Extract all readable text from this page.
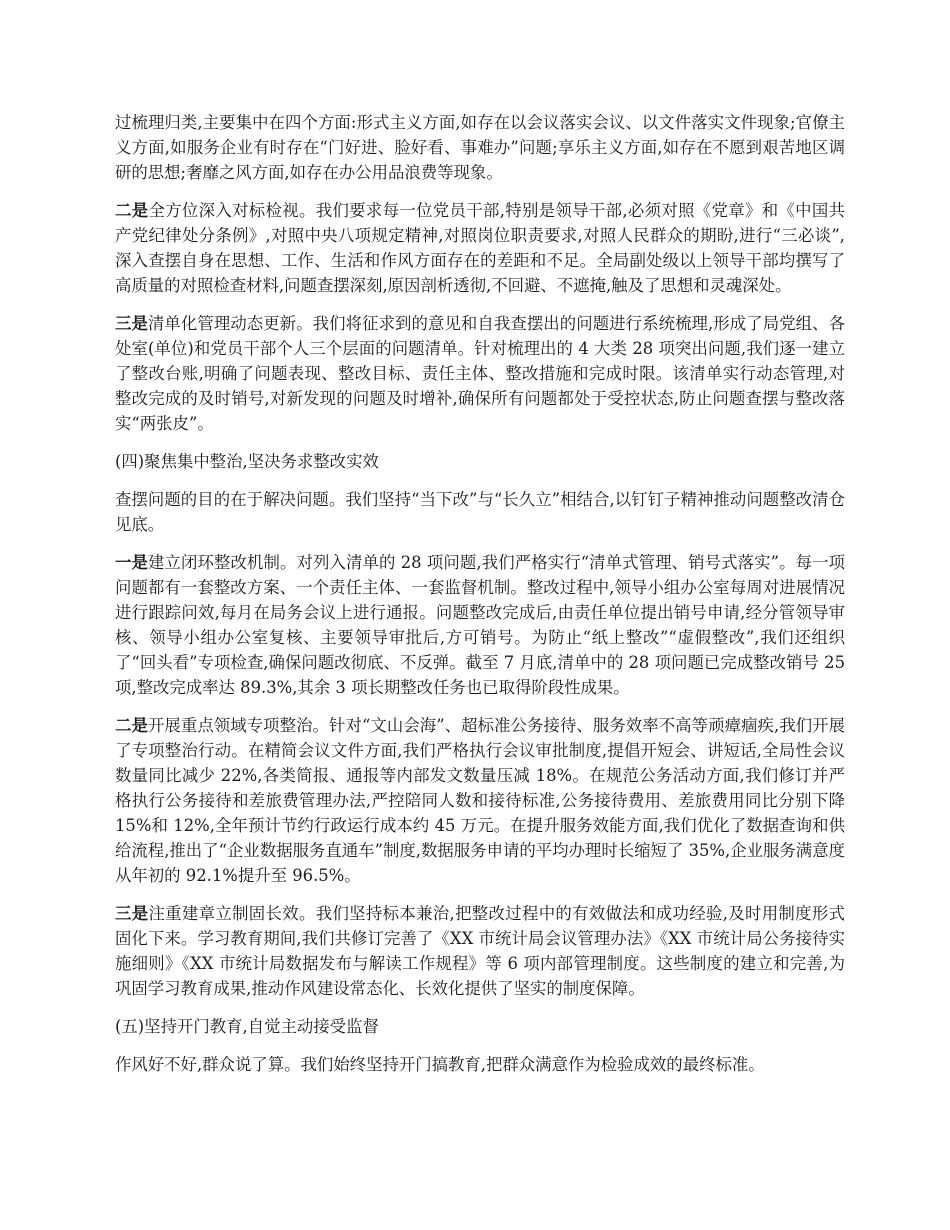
过梳理归类,主要集中在四个方面:形式主义方面,如存在以会议落实会议、以文件落实文件现象;官僚主义方面,如服务企业有时存在“门好进、脸好看、事难办”问题;享乐主义方面,如存在不愿到艰苦地区调研的思想;奢靡之风方面,如存在办公用品浪费等现象。

二是全方位深入对标检视。我们要求每一位党员干部,特别是领导干部,必须对照《党章》和《中国共产党纪律处分条例》,对照中央八项规定精神,对照岗位职责要求,对照人民群众的期盼,进行“三必谈”,深入查摆自身在思想、工作、生活和作风方面存在的差距和不足。全局副处级以上领导干部均撰写了高质量的对照检查材料,问题查摆深刻,原因剖析透彻,不回避、不遮掩,触及了思想和灵魂深处。

三是清单化管理动态更新。我们将征求到的意见和自我查摆出的问题进行系统梳理,形成了局党组、各处室(单位)和党员干部个人三个层面的问题清单。针对梳理出的 4 大类 28 项突出问题,我们逐一建立了整改台账,明确了问题表现、整改目标、责任主体、整改措施和完成时限。该清单实行动态管理,对整改完成的及时销号,对新发现的问题及时增补,确保所有问题都处于受控状态,防止问题查摆与整改落实“两张皮”。

(四)聚焦集中整治,坚决务求整改实效

查摆问题的目的在于解决问题。我们坚持“当下改”与“长久立”相结合,以钉钉子精神推动问题整改清仓见底。

一是建立闭环整改机制。对列入清单的 28 项问题,我们严格实行“清单式管理、销号式落实”。每一项问题都有一套整改方案、一个责任主体、一套监督机制。整改过程中,领导小组办公室每周对进展情况进行跟踪问效,每月在局务会议上进行通报。问题整改完成后,由责任单位提出销号申请,经分管领导审核、领导小组办公室复核、主要领导审批后,方可销号。为防止“纸上整改”“虚假整改”,我们还组织了“回头看”专项检查,确保问题改彻底、不反弹。截至 7 月底,清单中的 28 项问题已完成整改销号 25 项,整改完成率达 89.3%,其余 3 项长期整改任务也已取得阶段性成果。

二是开展重点领域专项整治。针对“文山会海”、超标准公务接待、服务效率不高等顽瘴痼疾,我们开展了专项整治行动。在精简会议文件方面,我们严格执行会议审批制度,提倡开短会、讲短话,全局性会议数量同比减少 22%,各类简报、通报等内部发文数量压减 18%。在规范公务活动方面,我们修订并严格执行公务接待和差旅费管理办法,严控陪同人数和接待标准,公务接待费用、差旅费用同比分别下降 15%和 12%,全年预计节约行政运行成本约 45 万元。在提升服务效能方面,我们优化了数据查询和供给流程,推出了“企业数据服务直通车”制度,数据服务申请的平均办理时长缩短了 35%,企业服务满意度从年初的 92.1%提升至 96.5%。

三是注重建章立制固长效。我们坚持标本兼治,把整改过程中的有效做法和成功经验,及时用制度形式固化下来。学习教育期间,我们共修订完善了《XX 市统计局会议管理办法》《XX 市统计局公务接待实施细则》《XX 市统计局数据发布与解读工作规程》等 6 项内部管理制度。这些制度的建立和完善,为巩固学习教育成果,推动作风建设常态化、长效化提供了坚实的制度保障。

(五)坚持开门教育,自觉主动接受监督

作风好不好,群众说了算。我们始终坚持开门搞教育,把群众满意作为检验成效的最终标准。
